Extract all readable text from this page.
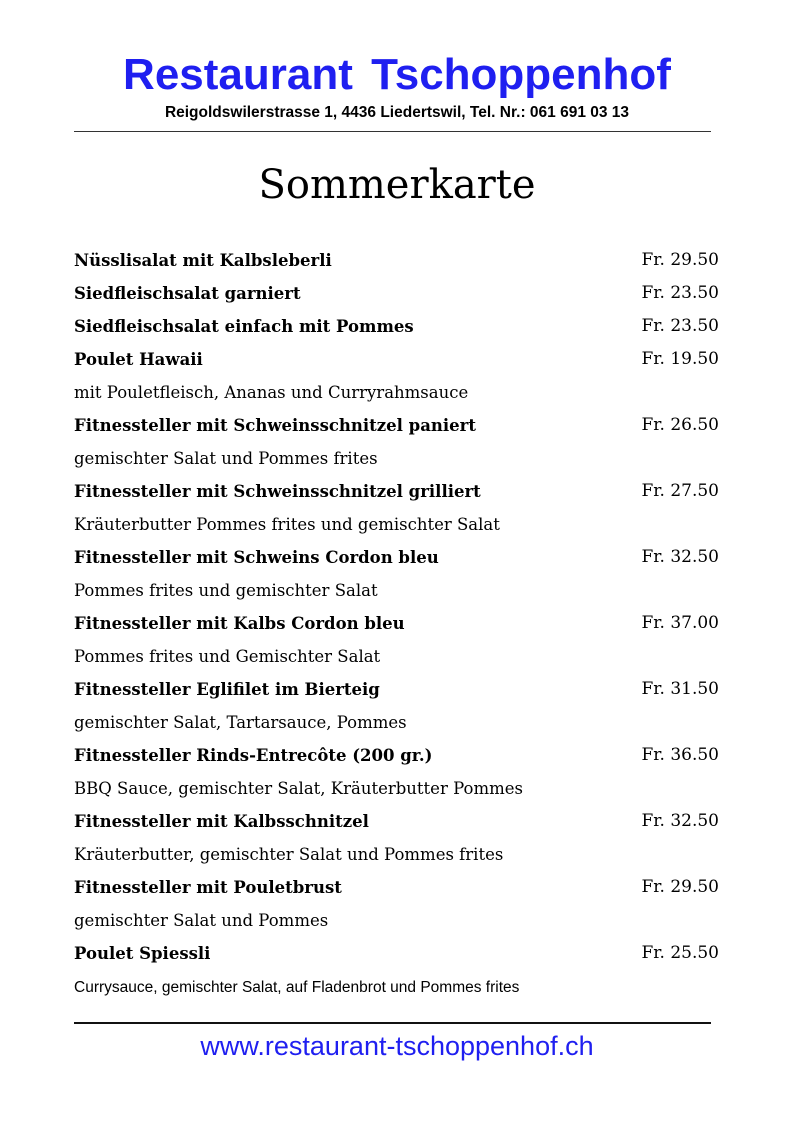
Restaurant Tschoppenhof
Reigoldswilerstrasse 1, 4436 Liedertswil, Tel. Nr.: 061 691 03 13
Sommerkarte
Nüsslisalat mit Kalbsleberli	Fr. 29.50
Siedfleischsalat garniert	Fr. 23.50
Siedfleischsalat einfach mit Pommes	Fr. 23.50
Poulet Hawaii	Fr. 19.50
mit Pouletfleisch, Ananas und Curryrahmsauce
Fitnessteller mit Schweinsschnitzel paniert	Fr. 26.50
gemischter Salat und Pommes frites
Fitnessteller mit Schweinsschnitzel grilliert	Fr. 27.50
Kräuterbutter Pommes frites und gemischter Salat
Fitnessteller mit Schweins Cordon bleu	Fr. 32.50
Pommes frites und gemischter Salat
Fitnessteller mit Kalbs Cordon bleu	Fr. 37.00
Pommes frites und Gemischter Salat
Fitnessteller Eglifilet im Bierteig	Fr. 31.50
gemischter Salat, Tartarsauce, Pommes
Fitnessteller Rinds-Entrecôte (200 gr.)	Fr. 36.50
BBQ Sauce, gemischter Salat, Kräuterbutter Pommes
Fitnessteller mit Kalbsschnitzel	Fr. 32.50
Kräuterbutter, gemischter Salat und Pommes frites
Fitnessteller mit Pouletbrust	Fr. 29.50
gemischter Salat und Pommes
Poulet Spiessli	Fr. 25.50
Currysauce, gemischter Salat, auf Fladenbrot und Pommes frites
www.restaurant-tschoppenhof.ch
